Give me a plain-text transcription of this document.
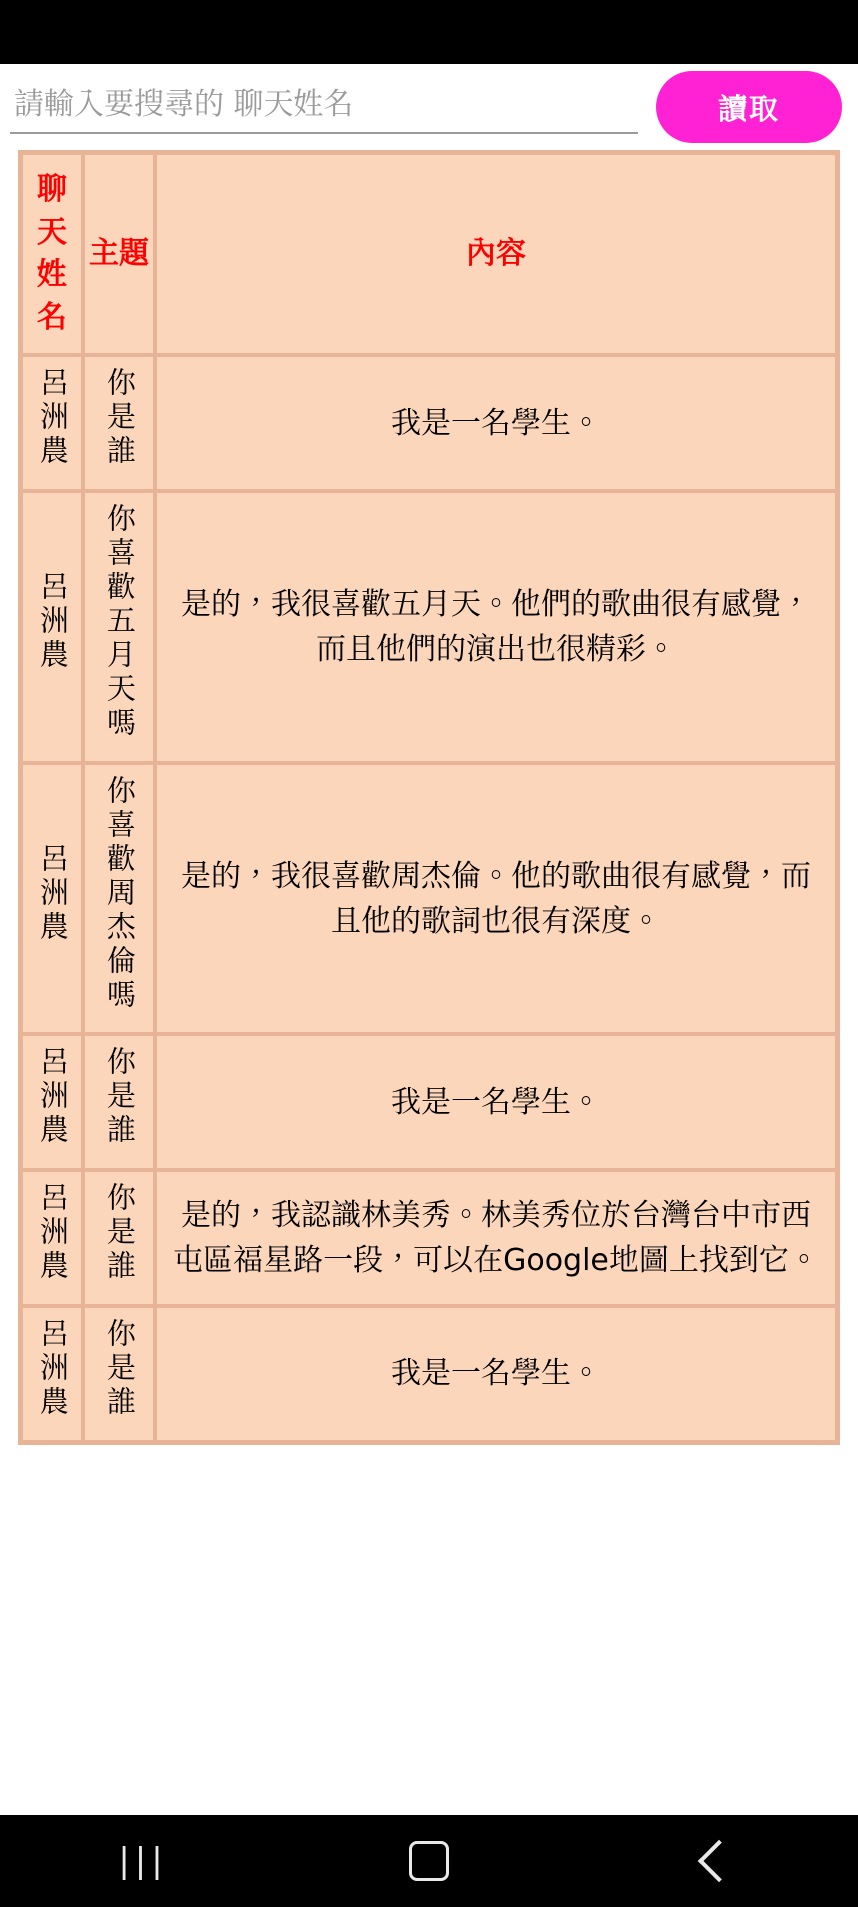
請輸入要搜尋的 聊天姓名
讀取
聊天姓名	主題	內容
呂洲農	你是誰	我是一名學生。
呂洲農	你喜歡五月天嗎	是的，我很喜歡五月天。他們的歌曲很有感覺，而且他們的演出也很精彩。
呂洲農	你喜歡周杰倫嗎	是的，我很喜歡周杰倫。他的歌曲很有感覺，而且他的歌詞也很有深度。
呂洲農	你是誰	我是一名學生。
呂洲農	你是誰	是的，我認識林美秀。林美秀位於台灣台中市西屯區福星路一段，可以在Google地圖上找到它。
呂洲農	你是誰	我是一名學生。
|||
